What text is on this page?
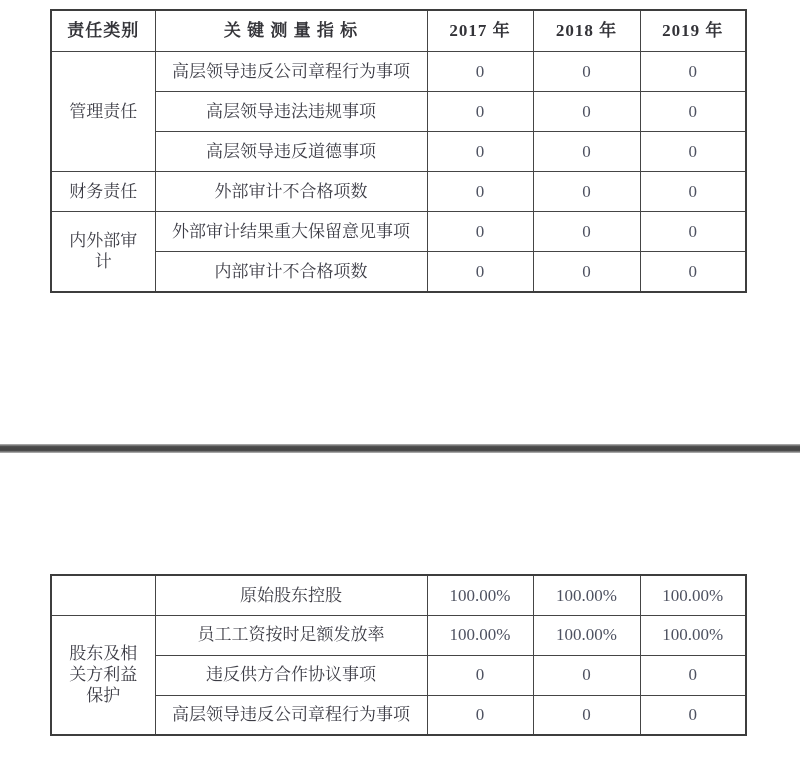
责任类别	关 键 测 量 指 标	2017 年	2018 年	2019 年
管理责任	高层领导违反公司章程行为事项	0	0	0
	高层领导违法违规事项	0	0	0
	高层领导违反道德事项	0	0	0
财务责任	外部审计不合格项数	0	0	0
内外部审计	外部审计结果重大保留意见事项	0	0	0
	内部审计不合格项数	0	0	0
	原始股东控股	100.00%	100.00%	100.00%
股东及相关方利益保护	员工工资按时足额发放率	100.00%	100.00%	100.00%
	违反供方合作协议事项	0	0	0
	高层领导违反公司章程行为事项	0	0	0
